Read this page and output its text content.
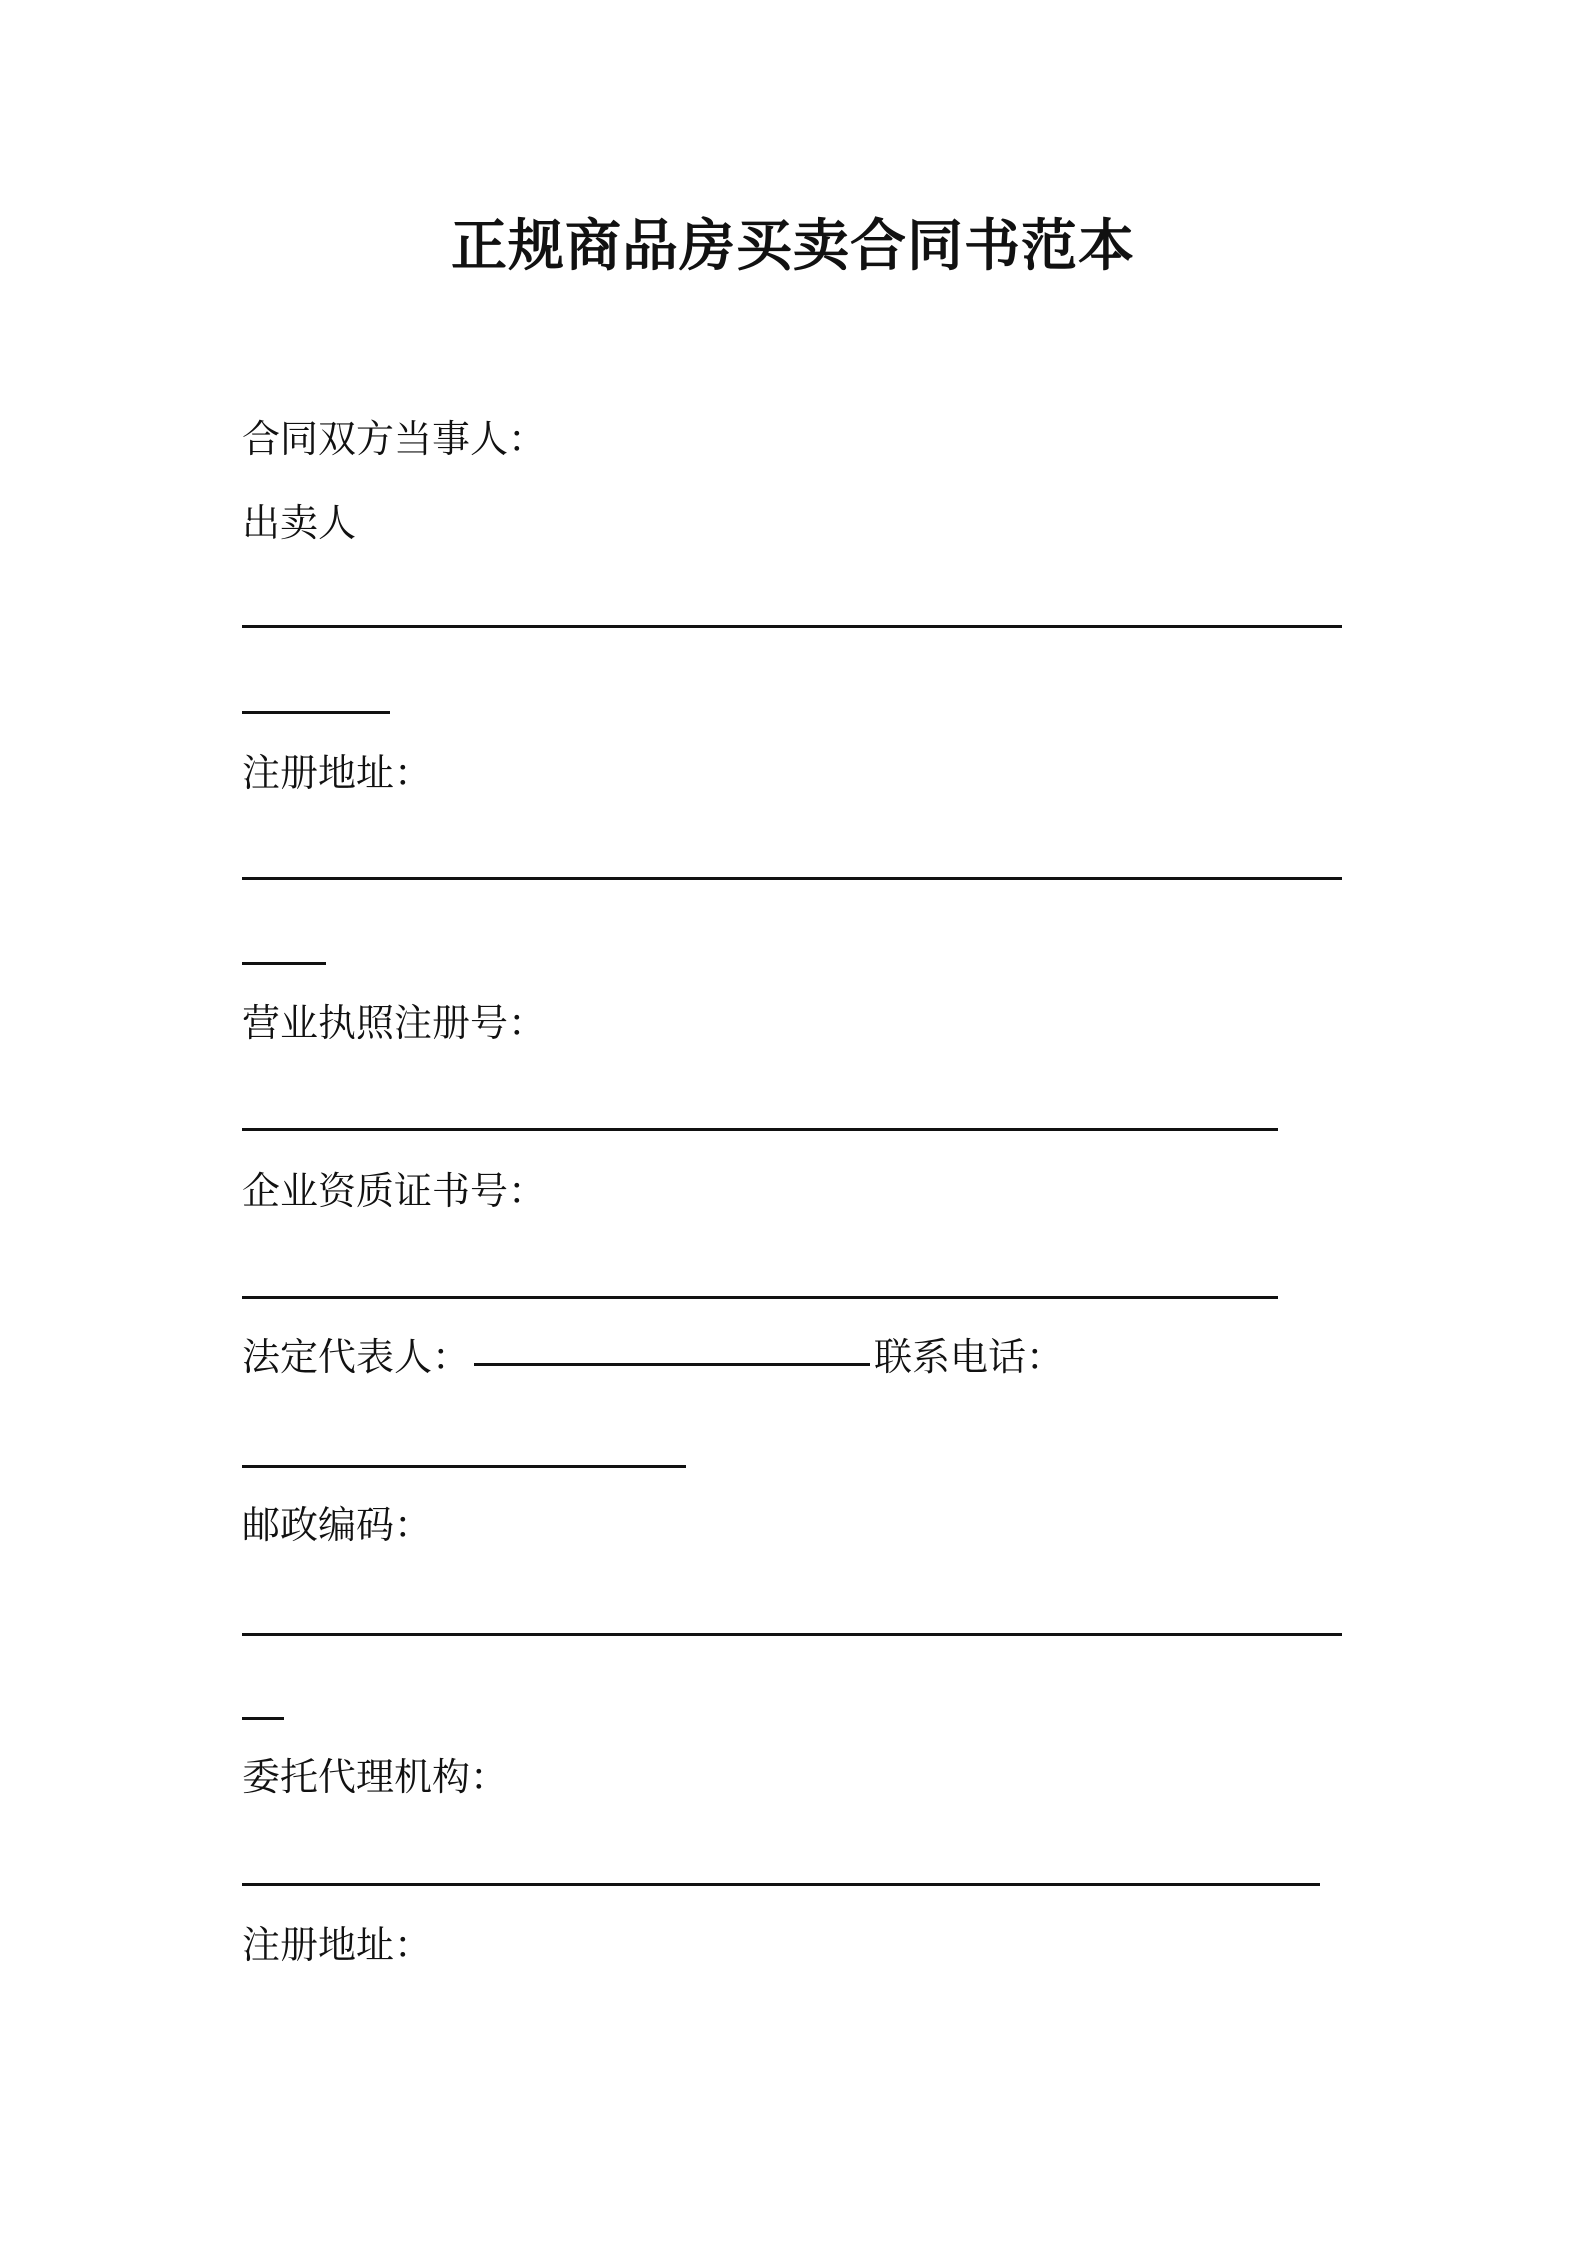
正规商品房买卖合同书范本
合同双方当事人：
出卖人
注册地址：
营业执照注册号：
企业资质证书号：
法定代表人：	联系电话：
邮政编码：
委托代理机构：
注册地址：
